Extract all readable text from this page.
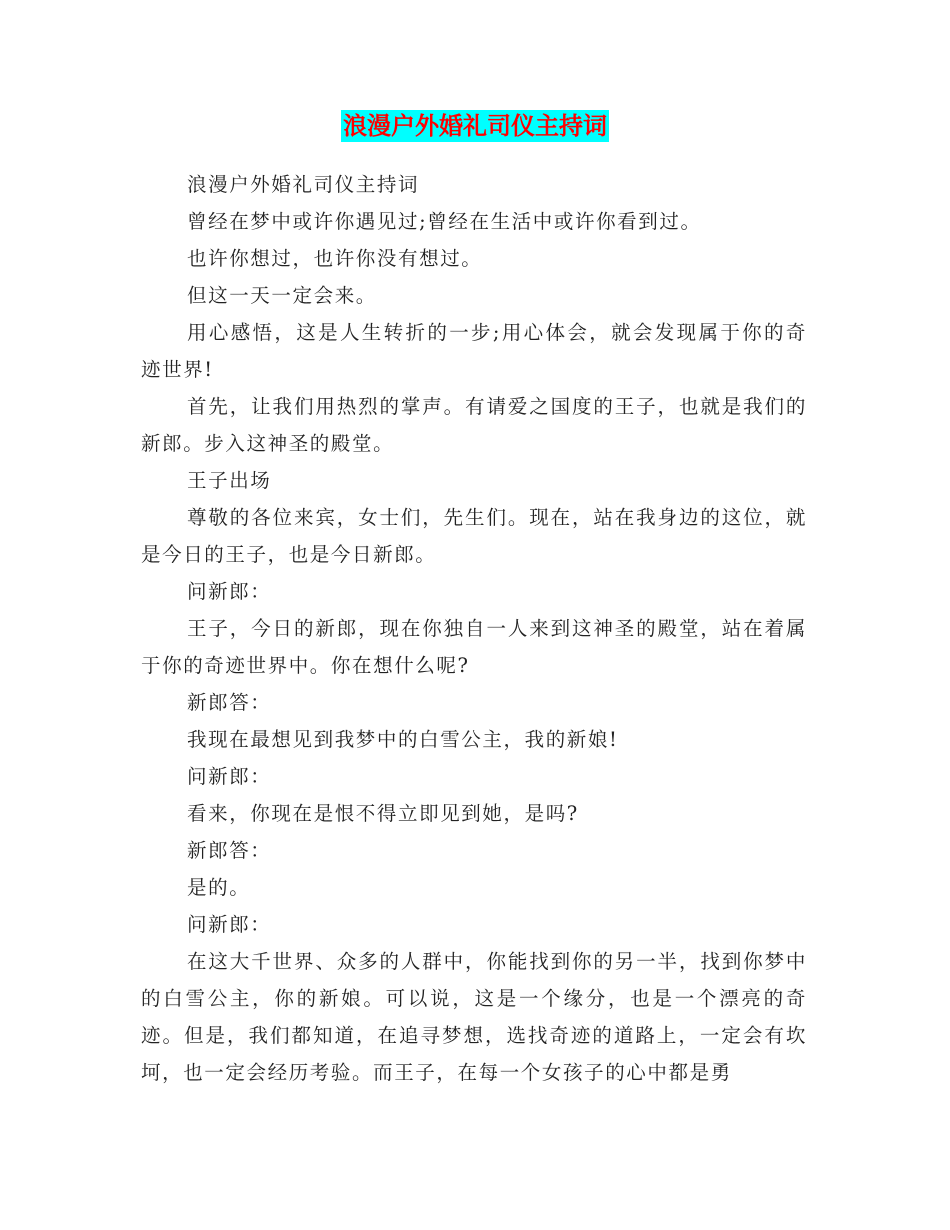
浪漫户外婚礼司仪主持词

浪漫户外婚礼司仪主持词

曾经在梦中或许你遇见过;曾经在生活中或许你看到过。

也许你想过，也许你没有想过。

但这一天一定会来。

用心感悟，这是人生转折的一步;用心体会，就会发现属于你的奇迹世界!

首先，让我们用热烈的掌声。有请爱之国度的王子，也就是我们的新郎。步入这神圣的殿堂。

王子出场

尊敬的各位来宾，女士们，先生们。现在，站在我身边的这位，就是今日的王子，也是今日新郎。

问新郎：

王子，今日的新郎，现在你独自一人来到这神圣的殿堂，站在着属于你的奇迹世界中。你在想什么呢?

新郎答：

我现在最想见到我梦中的白雪公主，我的新娘!

问新郎：

看来，你现在是恨不得立即见到她，是吗?

新郎答：

是的。

问新郎：

在这大千世界、众多的人群中，你能找到你的另一半，找到你梦中的白雪公主，你的新娘。可以说，这是一个缘分，也是一个漂亮的奇迹。但是，我们都知道，在追寻梦想，选找奇迹的道路上，一定会有坎坷，也一定会经历考验。而王子，在每一个女孩子的心中都是勇
